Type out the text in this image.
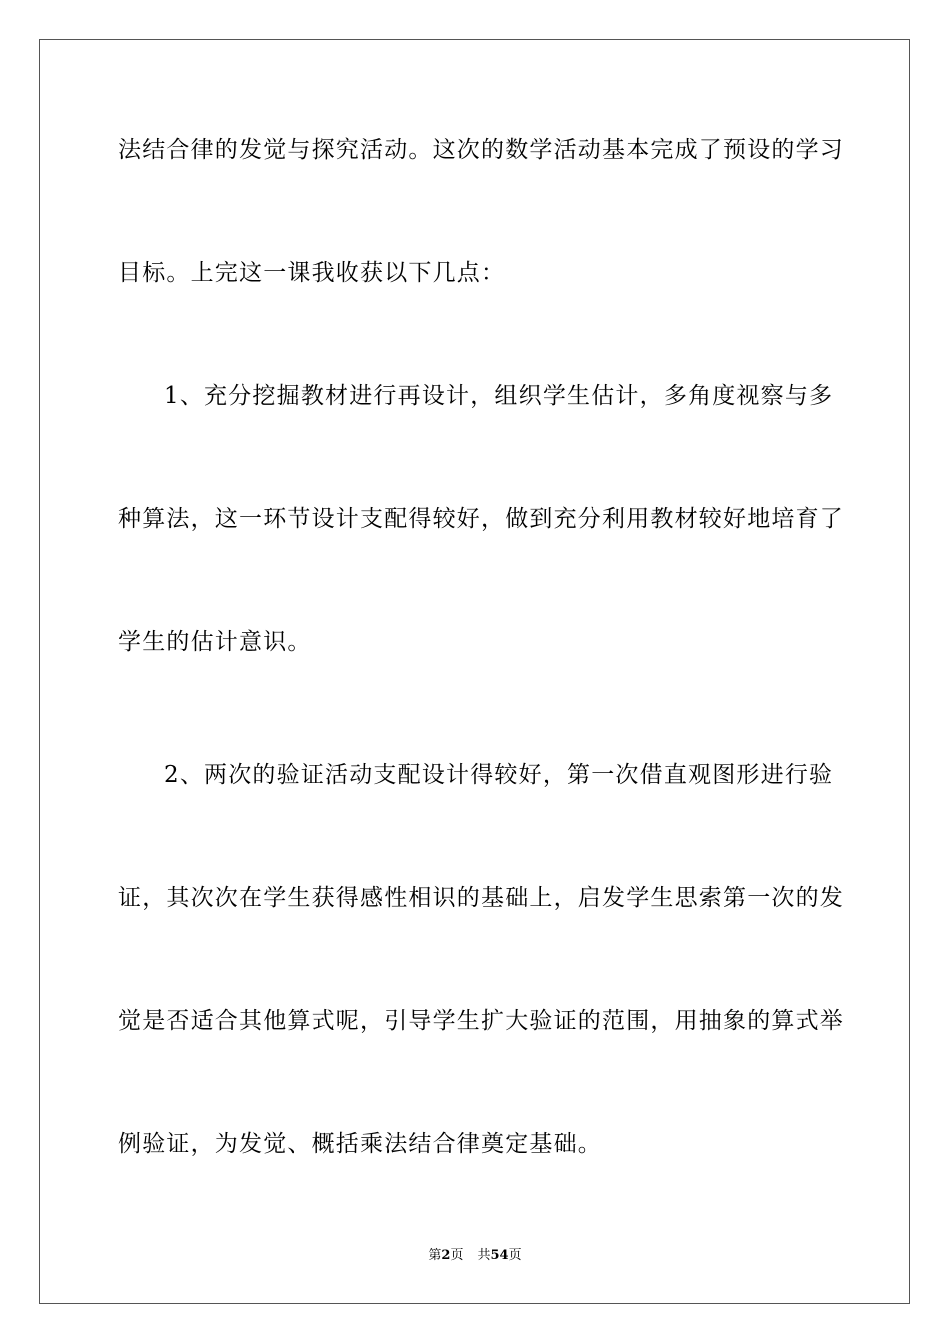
法结合律的发觉与探究活动。这次的数学活动基本完成了预设的学习
目标。上完这一课我收获以下几点：
1、充分挖掘教材进行再设计，组织学生估计，多角度视察与多
种算法，这一环节设计支配得较好，做到充分利用教材较好地培育了
学生的估计意识。
2、两次的验证活动支配设计得较好，第一次借直观图形进行验
证，其次次在学生获得感性相识的基础上，启发学生思索第一次的发
觉是否适合其他算式呢，引导学生扩大验证的范围，用抽象的算式举
例验证，为发觉、概括乘法结合律奠定基础。
第2页 共54页
